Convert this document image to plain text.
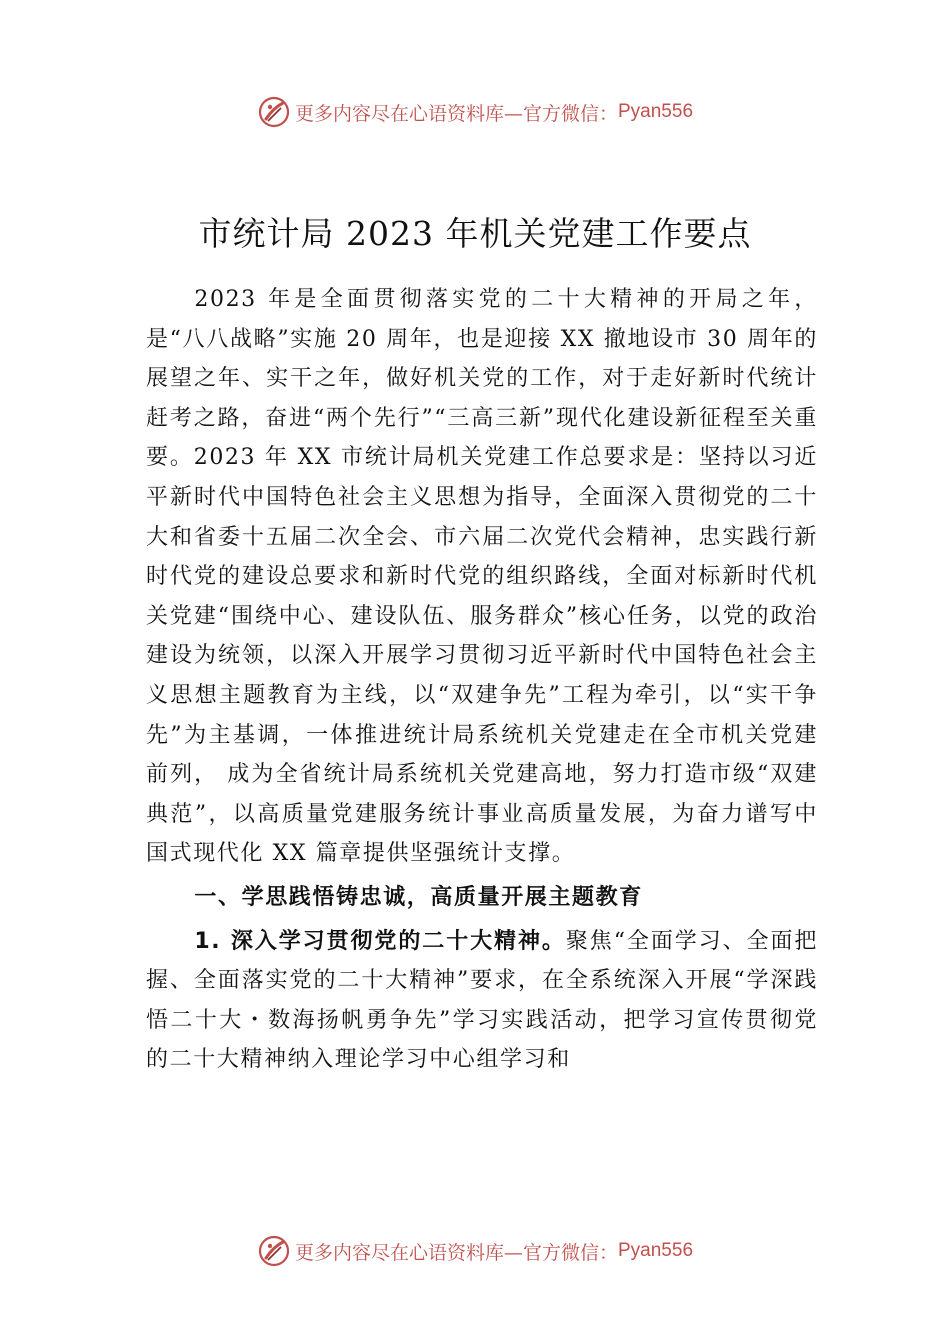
更多内容尽在心语资料库—官方微信： Pyan556
市统计局 2023 年机关党建工作要点

2023 年是全面贯彻落实党的二十大精神的开局之年，是“八八战略”实施 20 周年，也是迎接 XX 撤地设市 30 周年的展望之年、实干之年，做好机关党的工作，对于走好新时代统计赶考之路，奋进“两个先行”“三高三新”现代化建设新征程至关重要。2023 年 XX 市统计局机关党建工作总要求是：坚持以习近平新时代中国特色社会主义思想为指导，全面深入贯彻党的二十大和省委十五届二次全会、市六届二次党代会精神，忠实践行新时代党的建设总要求和新时代党的组织路线，全面对标新时代机关党建“围绕中心、建设队伍、服务群众”核心任务，以党的政治建设为统领，以深入开展学习贯彻习近平新时代中国特色社会主义思想主题教育为主线，以“双建争先”工程为牵引，以“实干争先”为主基调，一体推进统计局系统机关党建走在全市机关党建前列， 成为全省统计局系统机关党建高地，努力打造市级“双建典范”，以高质量党建服务统计事业高质量发展，为奋力谱写中国式现代化 XX 篇章提供坚强统计支撑。

一、学思践悟铸忠诚，高质量开展主题教育

1. 深入学习贯彻党的二十大精神。聚焦“全面学习、全面把握、全面落实党的二十大精神”要求，在全系统深入开展“学深践悟二十大・数海扬帆勇争先”学习实践活动，把学习宣传贯彻党的二十大精神纳入理论学习中心组学习和

更多内容尽在心语资料库—官方微信： Pyan556
